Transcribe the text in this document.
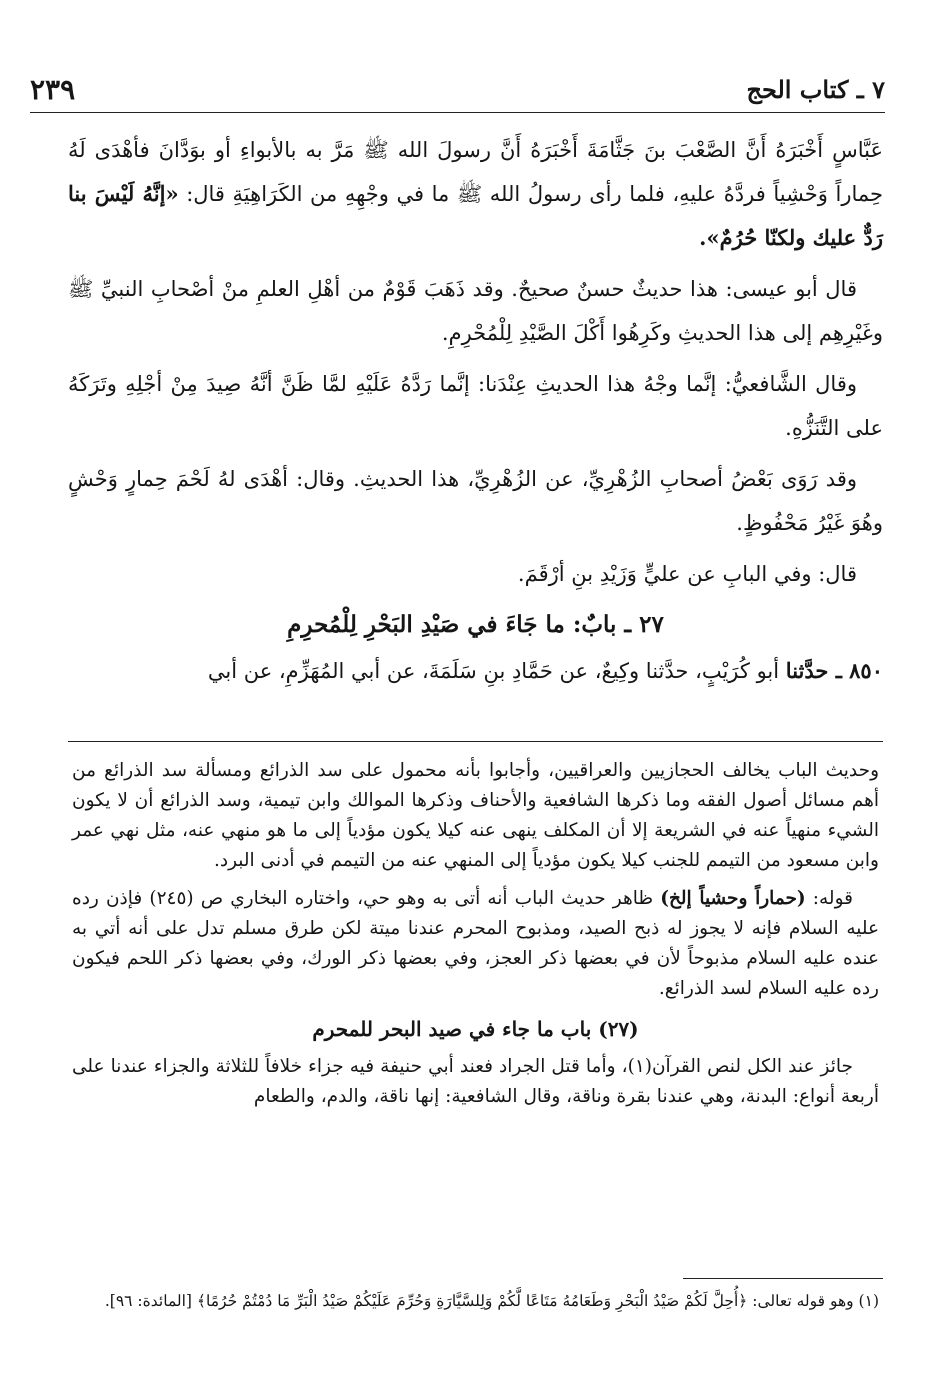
٧ ـ كتاب الحج
٢٣٩

عَبَّاسٍ أَخْبَرَهُ أَنَّ الصَّعْبَ بنَ جَثَّامَةَ أَخْبَرَهُ أَنَّ رسولَ الله ﷺ مَرَّ به بالأبواءِ أو بوَدَّانَ فأهْدَى لَهُ حِماراً وَحْشِياً فردَّهُ عليهِ، فلما رأى رسولُ الله ﷺ ما في وجْهِهِ من الكَرَاهِيَةِ قال: «إنَّهُ لَيْسَ بنا رَدٌّ عليك ولكنّا حُرُمٌ».

قال أبو عيسى: هذا حديثٌ حسنٌ صحيحٌ. وقد ذَهَبَ قَوْمٌ من أهْلِ العلمِ منْ أصْحابِ النبيِّ ﷺ وغَيْرِهِم إلى هذا الحديثِ وكَرِهُوا أَكْلَ الصَّيْدِ لِلْمُحْرِمِ.

وقال الشَّافعيُّ: إنَّما وجْهُ هذا الحديثِ عِنْدَنا: إنَّما رَدَّهُ عَلَيْهِ لمَّا ظَنَّ أنَّهُ صِيدَ مِنْ أجْلِهِ وتَرَكَهُ على التَّنَزُّهِ.

وقد رَوَى بَعْضُ أصحابِ الزُهْرِيِّ، عن الزُهْرِيِّ، هذا الحديثِ. وقال: أهْدَى لهُ لَحْمَ حِمارٍ وَحْشٍ وهُوَ غَيْرُ مَحْفُوظٍ.

قال: وفي البابِ عن عليٍّ وَزَيْدِ بنِ أرْقَمَ.

٢٧ ـ بابٌ: ما جَاءَ في صَيْدِ البَحْرِ لِلْمُحرِمِ

٨٥٠ ـ حدَّثنا أبو كُرَيْبٍ، حدَّثنا وكِيعٌ، عن حَمَّادِ بنِ سَلَمَةَ، عن أبي المُهَزِّمِ، عن أبي

وحديث الباب يخالف الحجازيين والعراقيين، وأجابوا بأنه محمول على سد الذرائع ومسألة سد الذرائع من أهم مسائل أصول الفقه وما ذكرها الشافعية والأحناف وذكرها الموالك وابن تيمية، وسد الذرائع أن لا يكون الشيء منهياً عنه في الشريعة إلا أن المكلف ينهى عنه كيلا يكون مؤدياً إلى ما هو منهي عنه، مثل نهي عمر وابن مسعود من التيمم للجنب كيلا يكون مؤدياً إلى المنهي عنه من التيمم في أدنى البرد.

قوله: (حماراً وحشياً إلخ) ظاهر حديث الباب أنه أتى به وهو حي، واختاره البخاري ص (٢٤٥) فإذن رده عليه السلام فإنه لا يجوز له ذبح الصيد، ومذبوح المحرم عندنا ميتة لكن طرق مسلم تدل على أنه أتي به عنده عليه السلام مذبوحاً لأن في بعضها ذكر العجز، وفي بعضها ذكر الورك، وفي بعضها ذكر اللحم فيكون رده عليه السلام لسد الذرائع.

(٢٧) باب ما جاء في صيد البحر للمحرم

جائز عند الكل لنص القرآن(١)، وأما قتل الجراد فعند أبي حنيفة فيه جزاء خلافاً للثلاثة والجزاء عندنا على أربعة أنواع: البدنة، وهي عندنا بقرة وناقة، وقال الشافعية: إنها ناقة، والدم، والطعام

(١) وهو قوله تعالى: ﴿أُحِلَّ لَكُمْ صَيْدُ الْبَحْرِ وَطَعَامُهُ مَتَاعًا لَّكُمْ وَلِلسَّيَّارَةِ وَحُرِّمَ عَلَيْكُمْ صَيْدُ الْبَرِّ مَا دُمْتُمْ حُرُمًا﴾ [المائدة: ٩٦].
